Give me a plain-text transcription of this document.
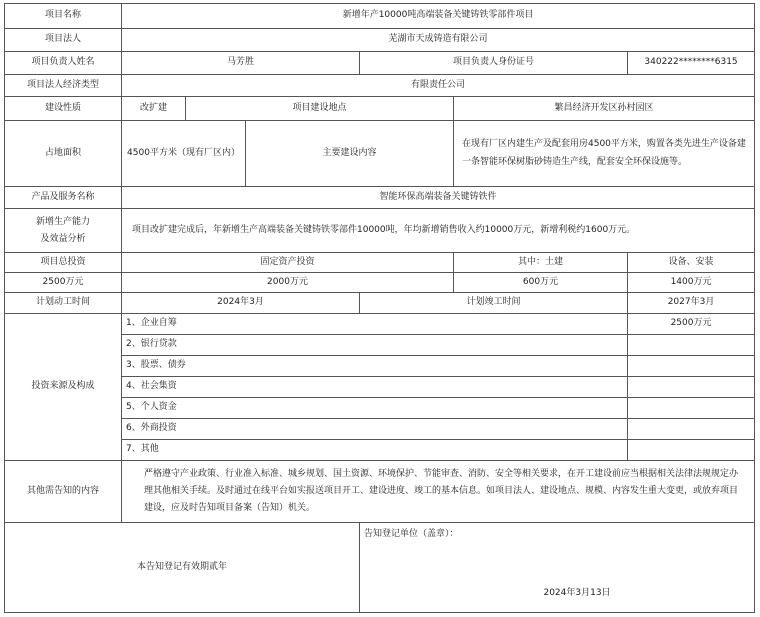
项目名称	新增年产10000吨高端装备关键铸铁零部件项目					
项目法人	芜湖市天成铸造有限公司					
项目负责人姓名	马芳胜			项目负责人身份证号		340222********6315
项目法人经济类型	有限责任公司					
建设性质	改扩建	项目建设地点			繁昌经济开发区孙村园区	
占地面积	4500平方米（现有厂区内）		主要建设内容		在现有厂区内建生产及配套用房4500平方米，购置各类先进生产设备建一条智能环保树脂砂铸造生产线，配套安全环保设施等。	
产品及服务名称	智能环保高端装备关键铸铁件					

新增生产能力
及效益分析	项目改扩建完成后，年新增生产高端装备关键铸铁零部件10000吨，年均新增销售收入约10000万元，新增利税约1600万元。					
项目总投资	固定资产投资				其中：土建	设备、安装
2500万元	2000万元				600万元	1400万元
计划动工时间	2024年3月			计划竣工时间		2027年3月
投资来源及构成	1、企业自筹					2500万元
	2、银行贷款					
	3、股票、债券					
	4、社会集资					
	5、个人资金					
	6、外商投资					
	7、其他					
其他需告知的内容	严格遵守产业政策、行业准入标准、城乡规划、国土资源、环境保护、节能审查、消防、安全等相关要求，在开工建设前应当根据相关法律法规规定办理其他相关手续。及时通过在线平台如实报送项目开工、建设进度、竣工的基本信息。如项目法人、建设地点、规模、内容发生重大变更，或放弃项目建设，应及时告知项目备案（告知）机关。					
本告知登记有效期贰年				告知登记单位（盖章）：
2024年3月13日		
